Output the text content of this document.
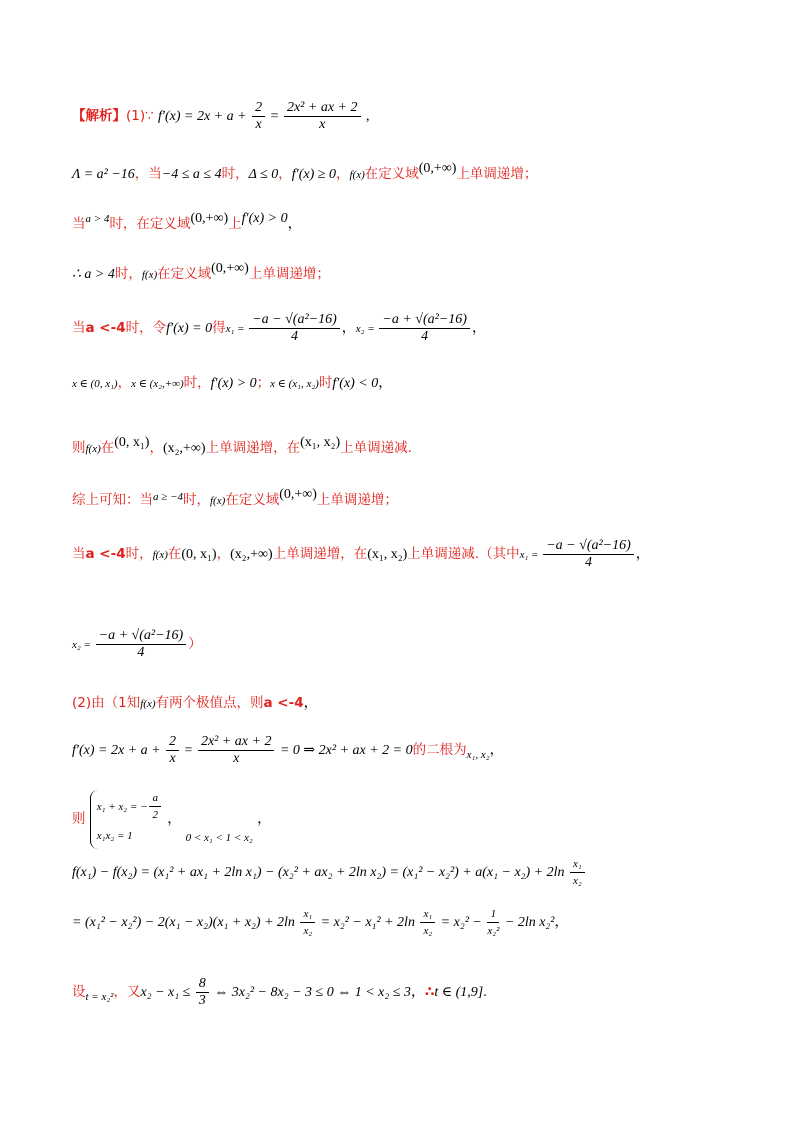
【解析】(1)∵ $f'(x) = 2x + a + \frac{2}{x} = \frac{\text{2x² + ax + 2}}{x}$ ,
Λ = a² −16，当−4 ≤ a ≤ 4时，Δ ≤ 0，f′(x) ≥ 0，f(x)在定义域(0,+∞)上单调递增；
当$^{a > 4}$时，在定义域(0,+∞)上f′(x) > 0，
∴ a > 4时，f(x)在定义域(0,+∞)上单调递增；
当a <-4时，令f′(x) = 0得$x_1 = \frac{\text{−a − √(a²−16)}}{4}$ ，$x_2 = \frac{\text{−a + √(a²−16)}}{4}$ ，
x ∈ (0, x₁)，x ∈ (x₂,+∞)时，f′(x) > 0；x ∈ (x₁, x₂)时f′(x) < 0，
则f(x)在(0, x₁)，(x₂,+∞)上单调递增，在(x₁, x₂)上单调递减.
综上可知：当$^{a \ge -4}$时，f(x)在定义域(0,+∞)上单调递增；
当a <-4时，f(x)在(0, x₁)，(x₂,+∞)上单调递增，在(x₁, x₂)上单调递减.（其中$x_1 = \frac{\text{−a − √(a²−16)}}{4}$ ，
$x_2 = \frac{\text{−a + √(a²−16)}}{4}$ ）
(2)由（1知f(x)有两个极值点，则a <-4，
$f'(x) = 2x + a + \frac{2}{x} = \frac{\text{2x² + ax + 2}}{x} = 0$ ⇒ 2x² + ax + 2 = 0的二根为$_{x_1, x_2}$，
则
x₁ + x₂ = − $\frac{a}{2}$
x₁x₂ = 1
， $_{0 < x_1 < 1 < x_2}$ ，
f(x₁) − f(x₂) = (x₁² + ax₁ + 2ln x₁) − (x₂² + ax₂ + 2ln $x_2) = (x_1^2 - x_2^2) + a(x_1 - x_2) + 2\ln \frac{\text{x₁}}{\text{x₂}}$
= $(x_1^2 - x_2^2) - 2(x_1 - x_2)(x_1 + x_2) + 2\ln \frac{\text{x₁}}{\text{x₂}} = x_2^2 - x_1^2 + 2\ln \frac{\text{x₁}}{\text{x₂}} = x_2^2 - \frac{1}{\text{x₂²}} - 2\ln$ x₂²，
设$_{t = x_2^2}$，又$x_2 - x_1 \le \frac{8}{3}$ ⇔ 3x₂² − 8x₂ − 3 ≤ 0 ⇔ 1 < x₂ ≤ 3，∴t ∈ (1,9].
